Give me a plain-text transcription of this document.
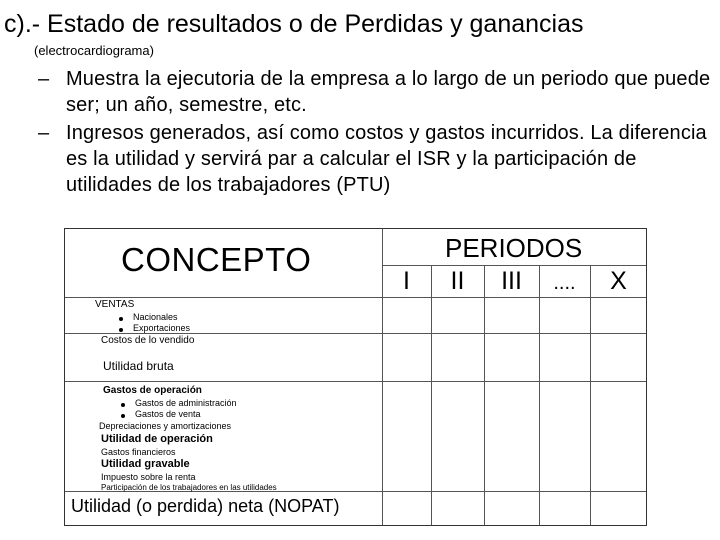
c).- Estado de resultados o de Perdidas y ganancias
(electrocardiograma)
– Muestra la ejecutoria de la empresa a lo largo de un periodo que puede ser; un año, semestre, etc.
– Ingresos generados, así como costos y gastos incurridos. La diferencia es la utilidad y servirá par a calcular el ISR y la participación de utilidades de los trabajadores (PTU)
CONCEPTO	PERIODOS
I	II	III	....	X
VENTAS
Nacionales
Exportaciones
Costos de lo vendido
Utilidad bruta
Gastos de operación
Gastos de administración
Gastos de venta
Depreciaciones y amortizaciones
Utilidad de operación
Gastos financieros
Utilidad gravable
Impuesto sobre la renta
Participación de los trabajadores en las utilidades
Utilidad (o perdida) neta (NOPAT)
